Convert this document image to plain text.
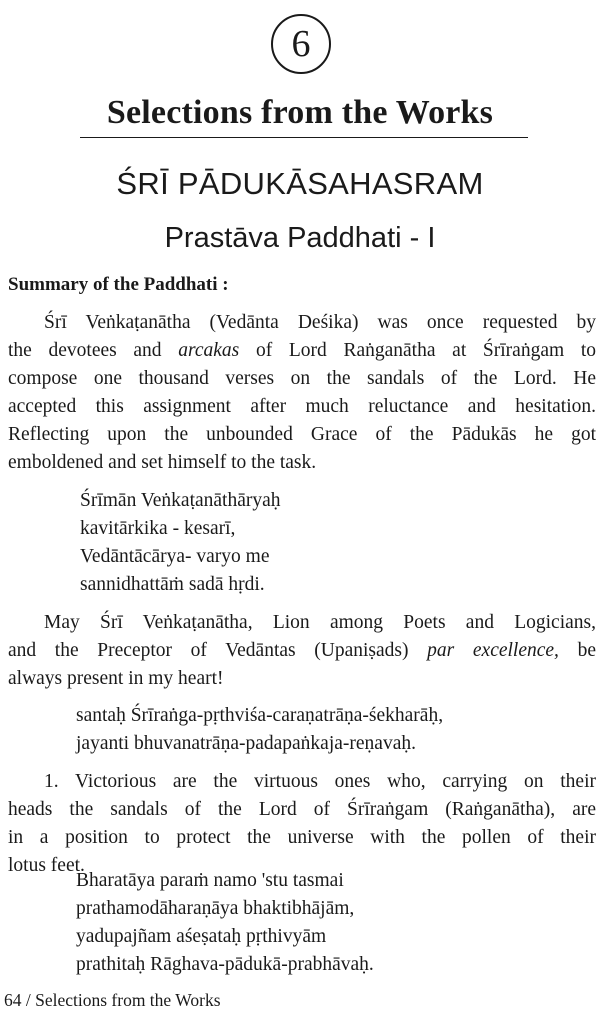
6
Selections from the Works
ŚRĪ PĀDUKĀSAHASRAM
Prastāva Paddhati - I
Summary of the Paddhati :
Śrī Veṅkaṭanātha (Vedānta Deśika) was once requested by
the devotees and arcakas of Lord Raṅganātha at Śrīraṅgam to
compose one thousand verses on the sandals of the Lord. He
accepted this assignment after much reluctance and hesitation.
Reflecting upon the unbounded Grace of the Pādukās he got
emboldened and set himself to the task.
Śrīmān Veṅkaṭanāthāryaḥ
kavitārkika - kesarī,
Vedāntācārya- varyo me
sannidhattāṁ sadā hṛdi.
May Śrī Veṅkaṭanātha, Lion among Poets and Logicians,
and the Preceptor of Vedāntas (Upaniṣads) par excellence, be
always present in my heart!
santaḥ Śrīraṅga-pṛthviśa-caraṇatrāṇa-śekharāḥ,
jayanti bhuvanatrāṇa-padapaṅkaja-reṇavaḥ.
1. Victorious are the virtuous ones who, carrying on their
heads the sandals of the Lord of Śrīraṅgam (Raṅganātha), are
in a position to protect the universe with the pollen of their
lotus feet.
Bharatāya paraṁ namo 'stu tasmai
prathamodāharaṇāya bhaktibhājām,
yadupajñam aśeṣataḥ pṛthivyām
prathitaḥ Rāghava-pādukā-prabhāvaḥ.
64 / Selections from the Works
